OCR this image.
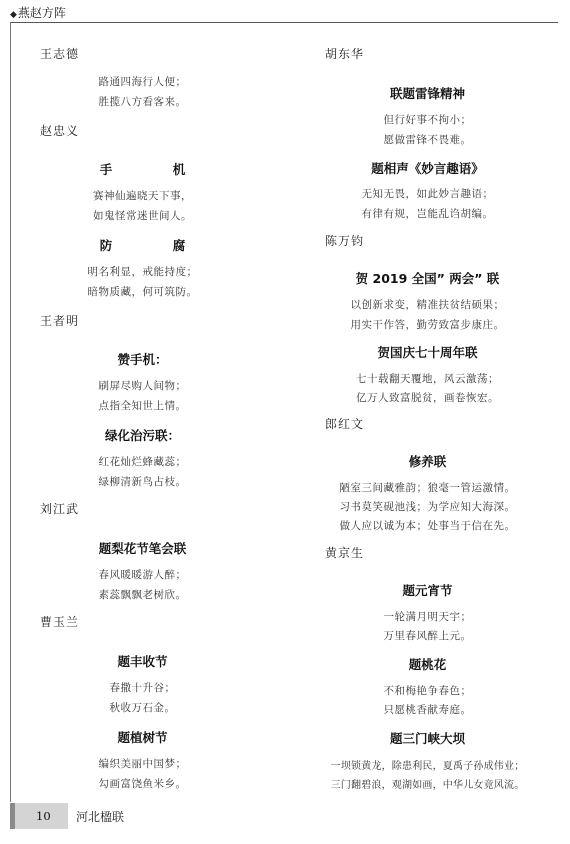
◆燕赵方阵
王志德
路通四海行人便；
胜揽八方看客来。
赵忠义
手　机
赛神仙遍晓天下事，
如鬼怪常迷世间人。
防　腐
明名利显，戒能持度；
暗物质藏，何可筑防。
王者明
赞手机：
刷屏尽购人间物；
点指全知世上情。
绿化治污联：
红花灿烂蜂藏蕊；
绿柳清新鸟占枝。
刘江武
题梨花节笔会联
春风暖暖游人醉；
素蕊飘飘老树欣。
曹玉兰
题丰收节
春撒十升谷；
秋收万石金。
题植树节
编织美丽中国梦；
勾画富饶鱼米乡。
胡东华
联题雷锋精神
但行好事不拘小；
愿做雷锋不畏难。
题相声《妙言趣语》
无知无畏，如此妙言趣语；
有律有规，岂能乱诌胡编。
陈万钧
贺 2019 全国” 两会” 联
以创新求变，精准扶贫结硕果；
用实干作答，勤劳致富步康庄。
贺国庆七十周年联
七十载翻天覆地，风云激荡；
亿万人致富脱贫，画卷恢宏。
郎红文
修养联
陋室三间藏雅韵；狼毫一管运激情。
习书莫笑砚池浅；为学应知大海深。
做人应以诚为本；处事当于信在先。
黄京生
题元宵节
一轮满月明天宇；
万里春风醉上元。
题桃花
不和梅艳争春色；
只愿桃香献寿庭。
题三门峡大坝
一坝锁黄龙，除患利民，夏禹子孙成伟业；
三门翻碧浪，观湖如画，中华儿女竟风流。
10 河北楹联
